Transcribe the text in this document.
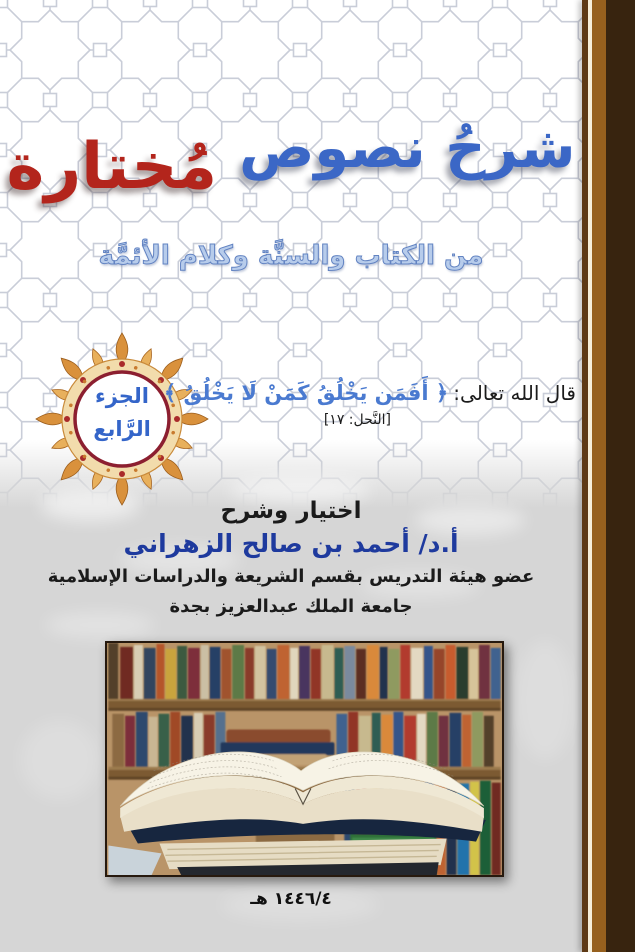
شرحُ نصوص
مُختارة
من الكتاب والسنَّة وكلام الأئمَّة
الجزء
الرَّابع
قال الله تعالى: ﴿ أَفَمَن يَخْلُقُ كَمَنْ لَا يَخْلُقُ ﴾
[النَّحل: ١٧]
اختيار وشرح
أ.د/ أحمد بن صالح الزهراني
عضو هيئة التدريس بقسم الشريعة والدراسات الإسلامية
جامعة الملك عبدالعزيز بجدة
١٤٤٦/٤ هـ
